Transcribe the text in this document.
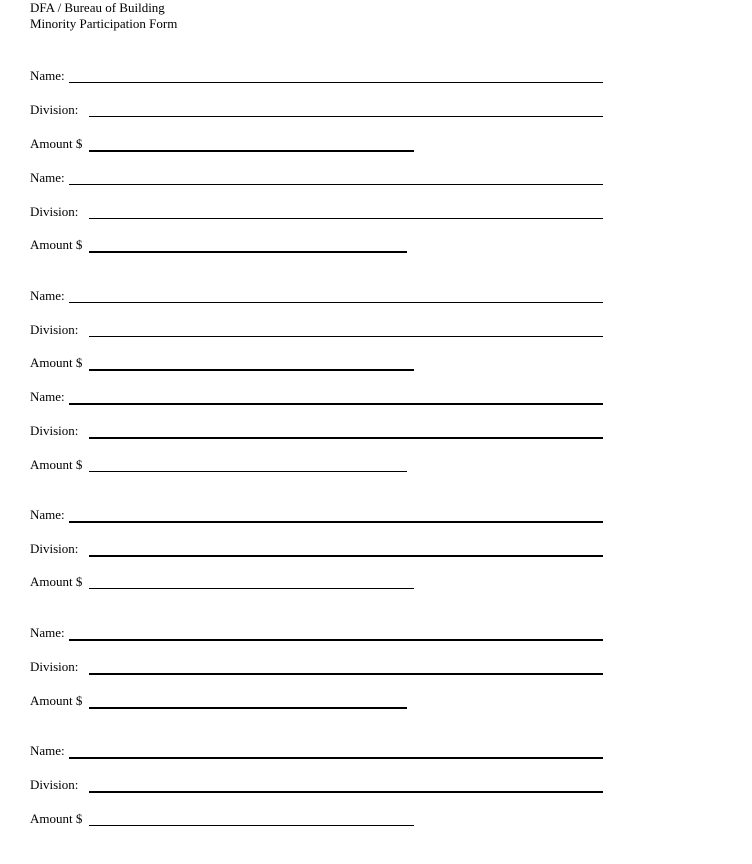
DFA / Bureau of Building
Minority Participation Form
Name:
Division:
Amount $
Name:
Division:
Amount $
Name:
Division:
Amount $
Name:
Division:
Amount $
Name:
Division:
Amount $
Name:
Division:
Amount $
Name:
Division:
Amount $
